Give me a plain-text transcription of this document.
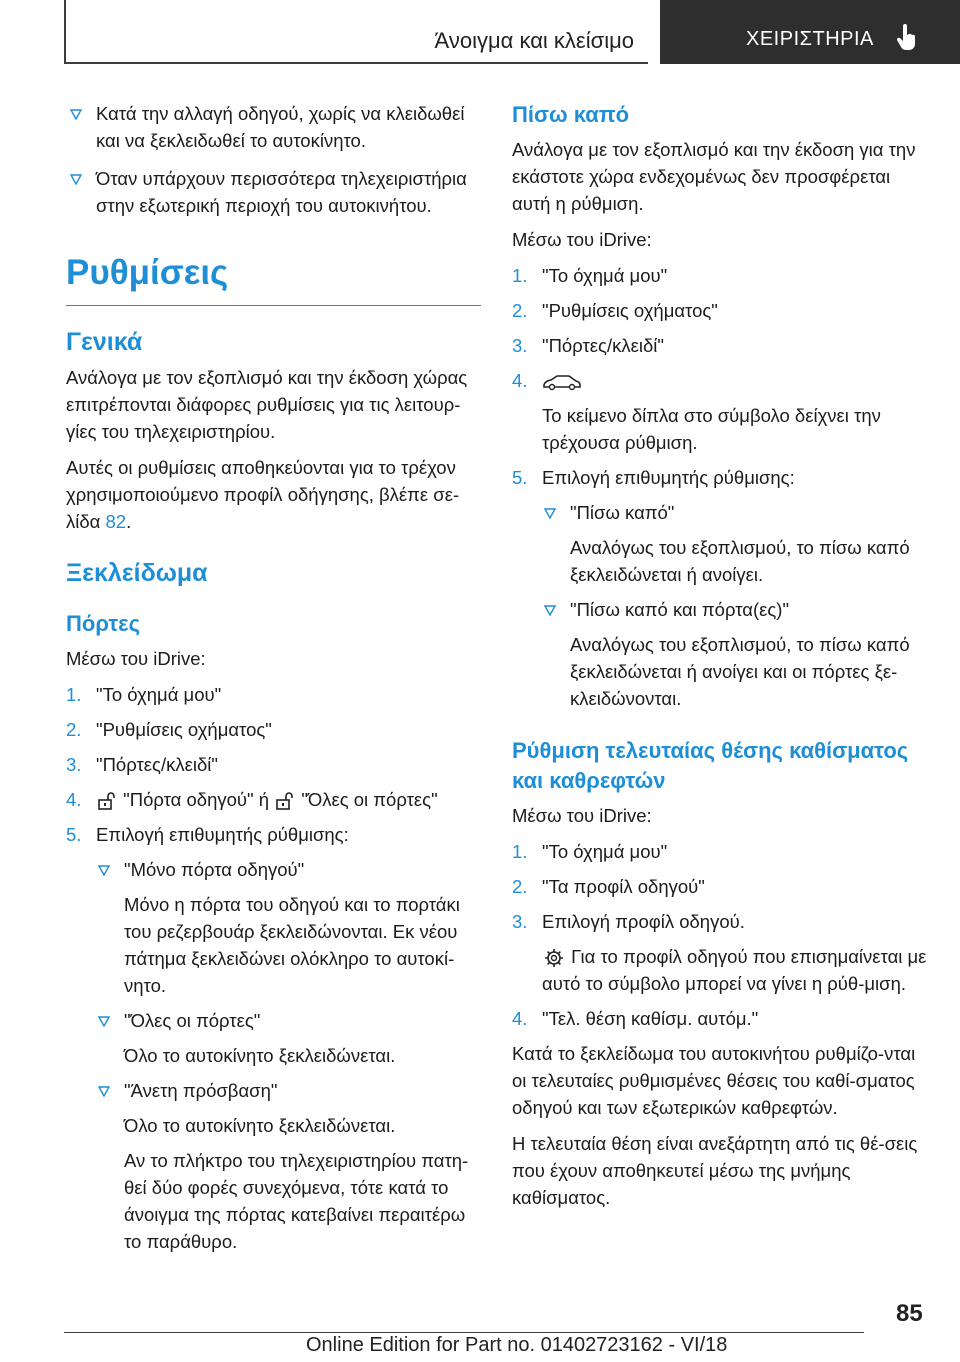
Άνοιγμα και κλείσιμο	ΧΕΙΡΙΣΤΗΡΙΑ
Κατά την αλλαγή οδηγού, χωρίς να κλειδωθεί και να ξεκλειδωθεί το αυτοκίνητο.
Όταν υπάρχουν περισσότερα τηλεχειριστήρια στην εξωτερική περιοχή του αυτοκινήτου.
Ρυθμίσεις
Γενικά

Ανάλογα με τον εξοπλισμό και την έκδοση χώρας επιτρέπονται διάφορες ρυθμίσεις για τις λειτουρ-γίες του τηλεχειριστηρίου.

Αυτές οι ρυθμίσεις αποθηκεύονται για το τρέχον χρησιμοποιούμενο προφίλ οδήγησης, βλέπε σε-λίδα 82.

Ξεκλείδωμα
Πόρτες

Μέσω του iDrive:

1. "Το όχημά μου"
2. "Ρυθμίσεις οχήματος"
3. "Πόρτες/κλειδί"
4. "Πόρτα οδηγού" ή "Όλες οι πόρτες"
5. Επιλογή επιθυμητής ρύθμισης:
"Μόνο πόρτα οδηγού"
Μόνο η πόρτα του οδηγού και το πορτάκι του ρεζερβουάρ ξεκλειδώνονται. Εκ νέου πάτημα ξεκλειδώνει ολόκληρο το αυτοκί-νητο.
"Όλες οι πόρτες"
Όλο το αυτοκίνητο ξεκλειδώνεται.
"Άνετη πρόσβαση"
Όλο το αυτοκίνητο ξεκλειδώνεται.
Αν το πλήκτρο του τηλεχειριστηρίου πατη-θεί δύο φορές συνεχόμενα, τότε κατά το άνοιγμα της πόρτας κατεβαίνει περαιτέρω το παράθυρο.
Πίσω καπό

Ανάλογα με τον εξοπλισμό και την έκδοση για την εκάστοτε χώρα ενδεχομένως δεν προσφέρεται αυτή η ρύθμιση.

Μέσω του iDrive:

1. "Το όχημά μου"
2. "Ρυθμίσεις οχήματος"
3. "Πόρτες/κλειδί"
4.
Το κείμενο δίπλα στο σύμβολο δείχνει την τρέχουσα ρύθμιση.
5. Επιλογή επιθυμητής ρύθμισης:
"Πίσω καπό"
Αναλόγως του εξοπλισμού, το πίσω καπό ξεκλειδώνεται ή ανοίγει.
"Πίσω καπό και πόρτα(ες)"
Αναλόγως του εξοπλισμού, το πίσω καπό ξεκλειδώνεται ή ανοίγει και οι πόρτες ξε-κλειδώνονται.
Ρύθμιση τελευταίας θέσης καθίσματος και καθρεφτών

Μέσω του iDrive:

1. "Το όχημά μου"
2. "Τα προφίλ οδηγού"
3. Επιλογή προφίλ οδηγού.
Για το προφίλ οδηγού που επισημαίνεται με αυτό το σύμβολο μπορεί να γίνει η ρύθ-μιση.
4. "Τελ. θέση καθίσμ. αυτόμ."

Κατά το ξεκλείδωμα του αυτοκινήτου ρυθμίζο-νται οι τελευταίες ρυθμισμένες θέσεις του καθί-σματος οδηγού και των εξωτερικών καθρεφτών.

Η τελευταία θέση είναι ανεξάρτητη από τις θέ-σεις που έχουν αποθηκευτεί μέσω της μνήμης καθίσματος.

85
Online Edition for Part no. 01402723162 - VI/18
